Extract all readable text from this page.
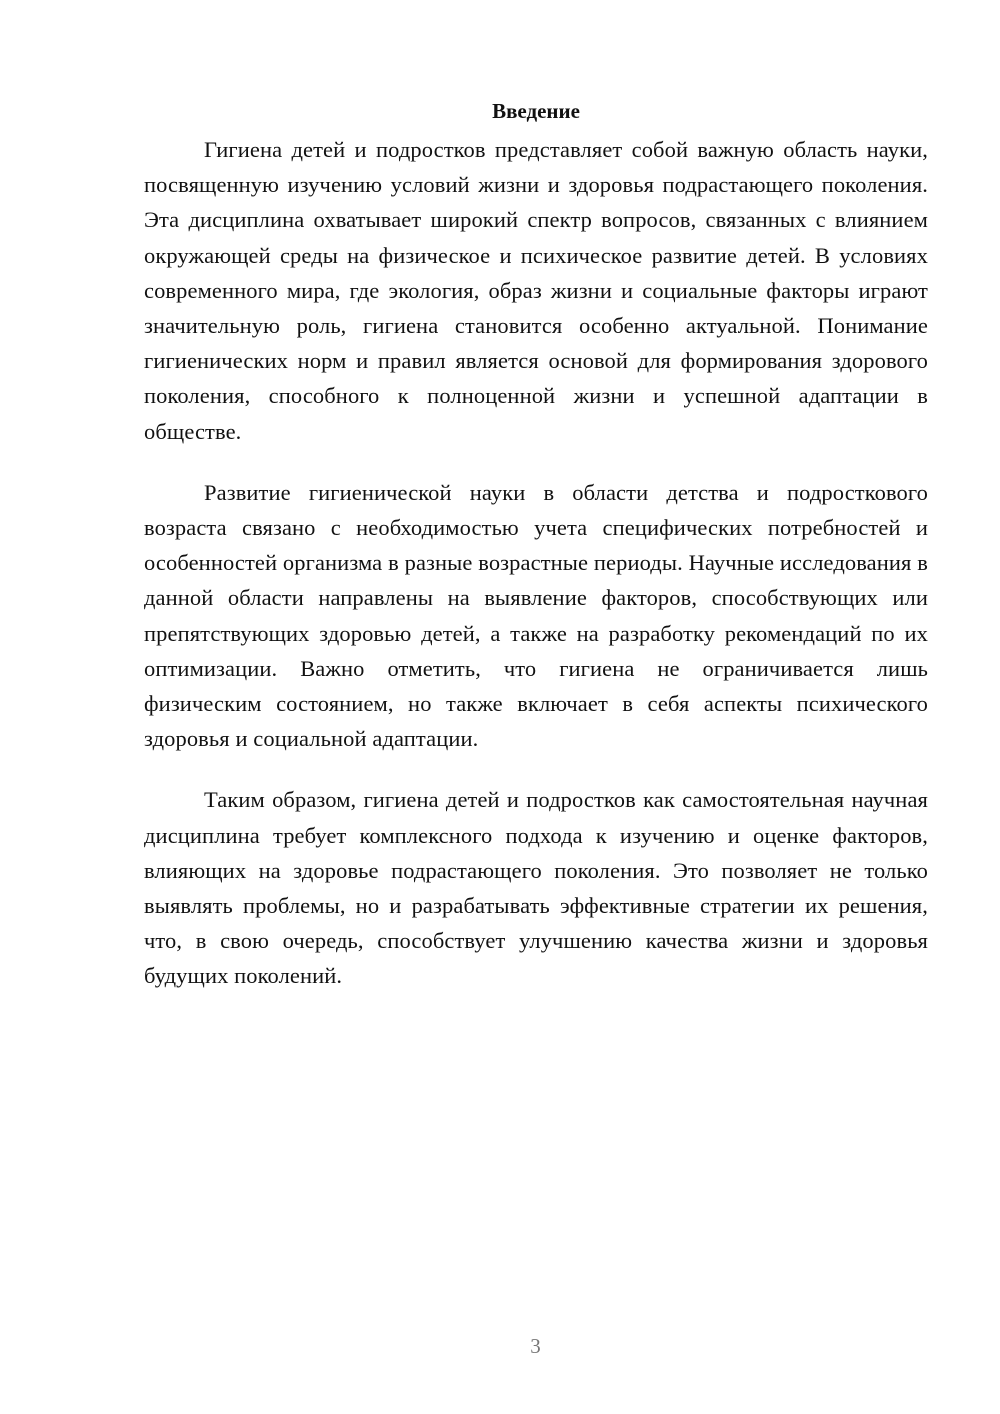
Введение

Гигиена детей и подростков представляет собой важную область науки, посвященную изучению условий жизни и здоровья подрастающего поколения. Эта дисциплина охватывает широкий спектр вопросов, связанных с влиянием окружающей среды на физическое и психическое развитие детей. В условиях современного мира, где экология, образ жизни и социальные факторы играют значительную роль, гигиена становится особенно актуальной. Понимание гигиенических норм и правил является основой для формирования здорового поколения, способного к полноценной жизни и успешной адаптации в обществе.

Развитие гигиенической науки в области детства и подросткового возраста связано с необходимостью учета специфических потребностей и особенностей организма в разные возрастные периоды. Научные исследования в данной области направлены на выявление факторов, способствующих или препятствующих здоровью детей, а также на разработку рекомендаций по их оптимизации. Важно отметить, что гигиена не ограничивается лишь физическим состоянием, но также включает в себя аспекты психического здоровья и социальной адаптации.

Таким образом, гигиена детей и подростков как самостоятельная научная дисциплина требует комплексного подхода к изучению и оценке факторов, влияющих на здоровье подрастающего поколения. Это позволяет не только выявлять проблемы, но и разрабатывать эффективные стратегии их решения, что, в свою очередь, способствует улучшению качества жизни и здоровья будущих поколений.

3
